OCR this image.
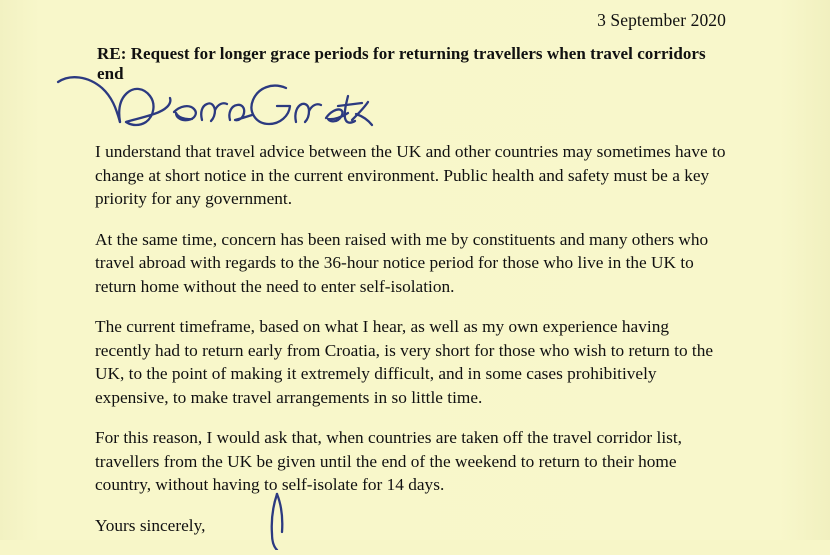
3 September 2020
RE: Request for longer grace periods for returning travellers when travel corridors end

I understand that travel advice between the UK and other countries may sometimes have to change at short notice in the current environment. Public health and safety must be a key priority for any government.

At the same time, concern has been raised with me by constituents and many others who travel abroad with regards to the 36-hour notice period for those who live in the UK to return home without the need to enter self-isolation.

The current timeframe, based on what I hear, as well as my own experience having recently had to return early from Croatia, is very short for those who wish to return to the UK, to the point of making it extremely difficult, and in some cases prohibitively expensive, to make travel arrangements in so little time.

For this reason, I would ask that, when countries are taken off the travel corridor list, travellers from the UK be given until the end of the weekend to return to their home country, without having to self-isolate for 14 days.

Yours sincerely,
